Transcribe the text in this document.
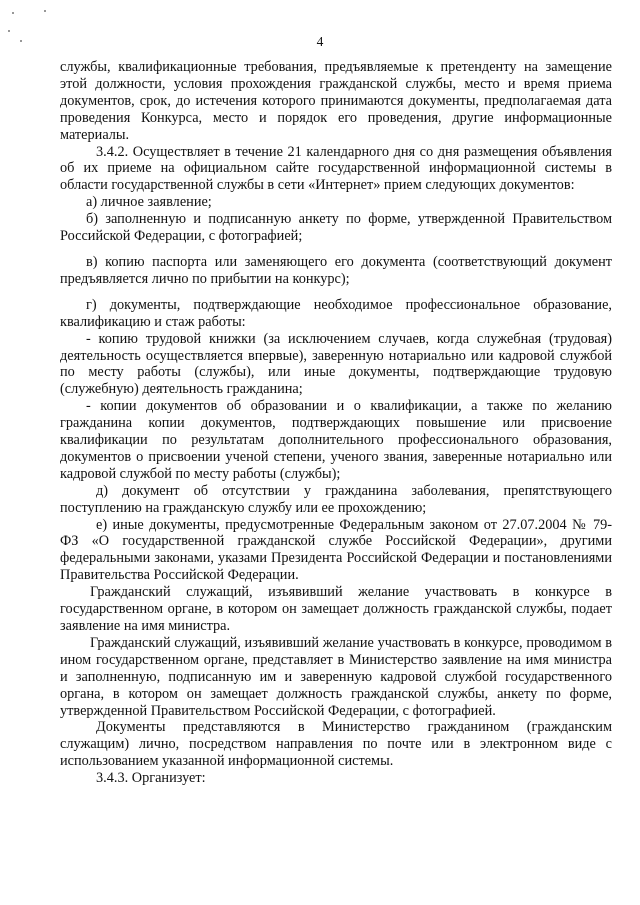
4

службы, квалификационные требования, предъявляемые к претенденту на замещение этой должности, условия прохождения гражданской службы, место и время приема документов, срок, до истечения которого принимаются документы, предполагаемая дата проведения Конкурса, место и порядок его проведения, другие информационные материалы.

3.4.2. Осуществляет в течение 21 календарного дня со дня размещения объявления об их приеме на официальном сайте государственной информационной системы в области государственной службы в сети «Интернет» прием следующих документов:

а) личное заявление;

б) заполненную и подписанную анкету по форме, утвержденной Правительством Российской Федерации, с фотографией;

в) копию паспорта или заменяющего его документа (соответствующий документ предъявляется лично по прибытии на конкурс);

г) документы, подтверждающие необходимое профессиональное образование, квалификацию и стаж работы:

- копию трудовой книжки (за исключением случаев, когда служебная (трудовая) деятельность осуществляется впервые), заверенную нотариально или кадровой службой по месту работы (службы), или иные документы, подтверждающие трудовую (служебную) деятельность гражданина;

- копии документов об образовании и о квалификации, а также по желанию гражданина копии документов, подтверждающих повышение или присвоение квалификации по результатам дополнительного профессионального образования, документов о присвоении ученой степени, ученого звания, заверенные нотариально или кадровой службой по месту работы (службы);

д) документ об отсутствии у гражданина заболевания, препятствующего поступлению на гражданскую службу или ее прохождению;

е) иные документы, предусмотренные Федеральным законом от 27.07.2004 № 79-ФЗ «О государственной гражданской службе Российской Федерации», другими федеральными законами, указами Президента Российской Федерации и постановлениями Правительства Российской Федерации.

Гражданский служащий, изъявивший желание участвовать в конкурсе в государственном органе, в котором он замещает должность гражданской службы, подает заявление на имя министра.

Гражданский служащий, изъявивший желание участвовать в конкурсе, проводимом в ином государственном органе, представляет в Министерство заявление на имя министра и заполненную, подписанную им и заверенную кадровой службой государственного органа, в котором он замещает должность гражданской службы, анкету по форме, утвержденной Правительством Российской Федерации, с фотографией.

Документы представляются в Министерство гражданином (гражданским служащим) лично, посредством направления по почте или в электронном виде с использованием указанной информационной системы.

3.4.3. Организует:
